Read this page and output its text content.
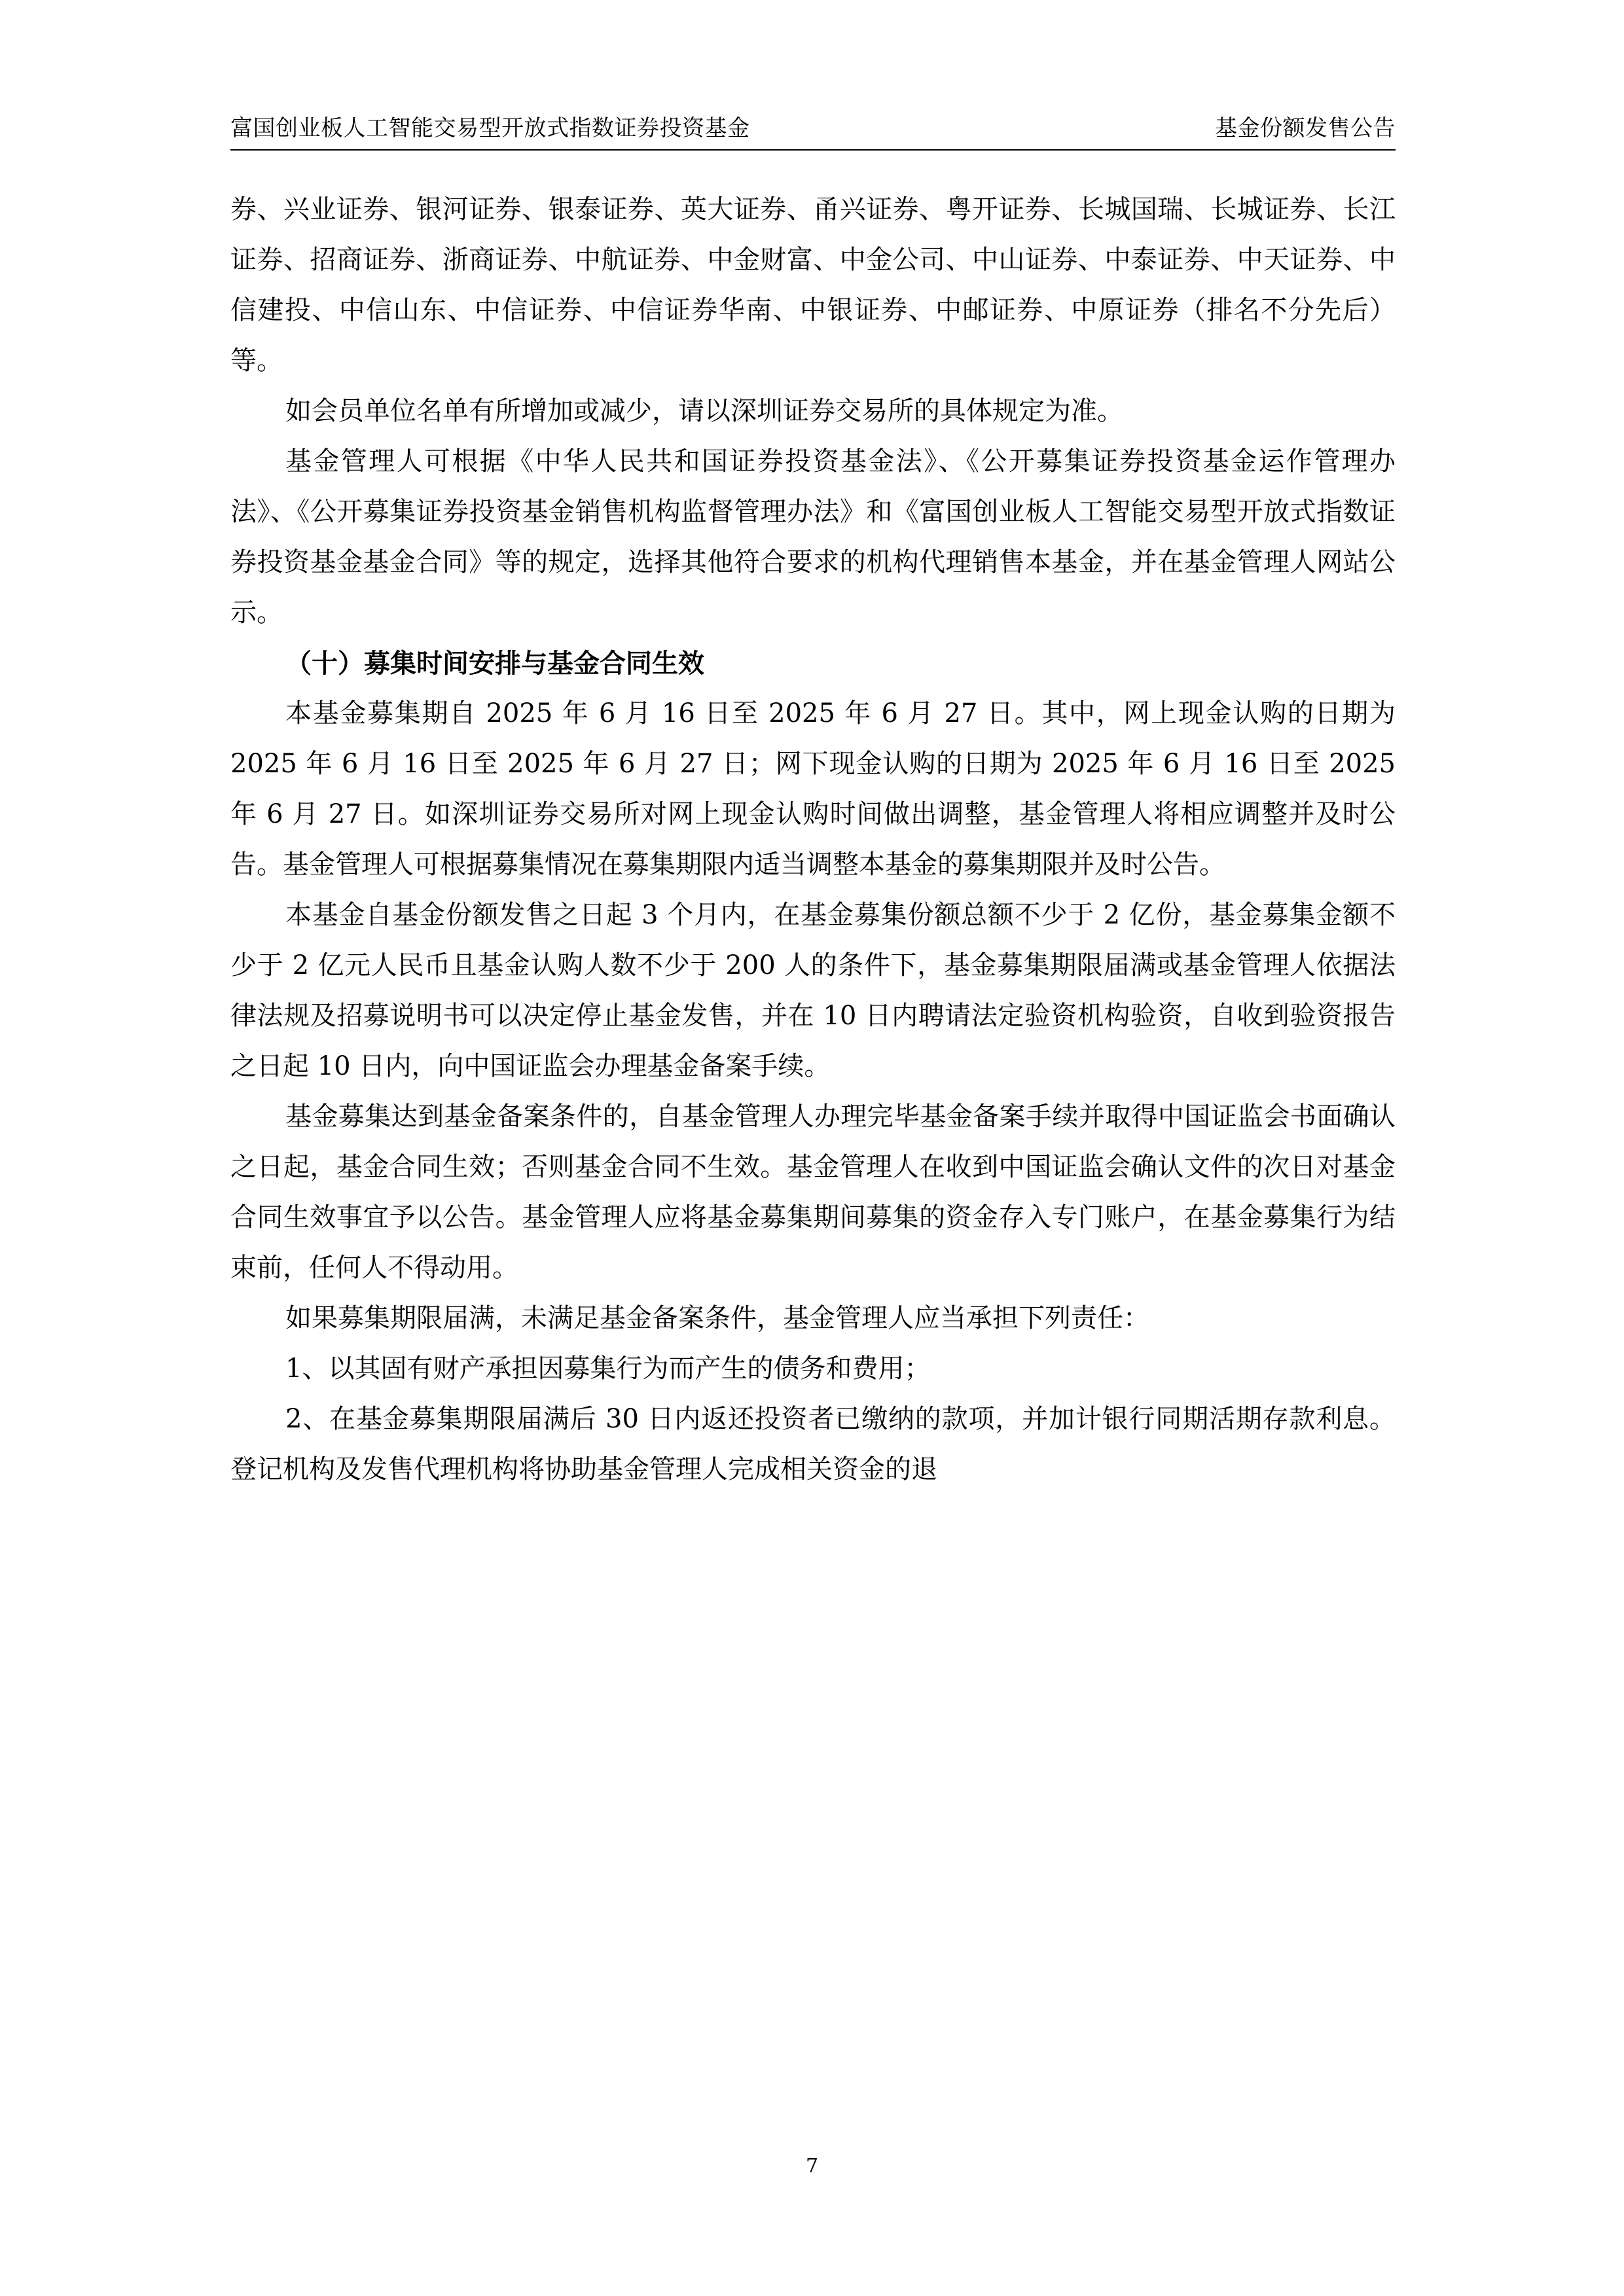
富国创业板人工智能交易型开放式指数证券投资基金	基金份额发售公告

券、兴业证券、银河证券、银泰证券、英大证券、甬兴证券、粤开证券、长城国瑞、长城证券、长江证券、招商证券、浙商证券、中航证券、中金财富、中金公司、中山证券、中泰证券、中天证券、中信建投、中信山东、中信证券、中信证券华南、中银证券、中邮证券、中原证券（排名不分先后）等。

如会员单位名单有所增加或减少，请以深圳证券交易所的具体规定为准。

基金管理人可根据《中华人民共和国证券投资基金法》、《公开募集证券投资基金运作管理办法》、《公开募集证券投资基金销售机构监督管理办法》和《富国创业板人工智能交易型开放式指数证券投资基金基金合同》等的规定，选择其他符合要求的机构代理销售本基金，并在基金管理人网站公示。

（十）募集时间安排与基金合同生效

本基金募集期自 2025 年 6 月 16 日至 2025 年 6 月 27 日。其中，网上现金认购的日期为 2025 年 6 月 16 日至 2025 年 6 月 27 日；网下现金认购的日期为 2025 年 6 月 16 日至 2025 年 6 月 27 日。如深圳证券交易所对网上现金认购时间做出调整，基金管理人将相应调整并及时公告。基金管理人可根据募集情况在募集期限内适当调整本基金的募集期限并及时公告。

本基金自基金份额发售之日起 3 个月内，在基金募集份额总额不少于 2 亿份，基金募集金额不少于 2 亿元人民币且基金认购人数不少于 200 人的条件下，基金募集期限届满或基金管理人依据法律法规及招募说明书可以决定停止基金发售，并在 10 日内聘请法定验资机构验资，自收到验资报告之日起 10 日内，向中国证监会办理基金备案手续。

基金募集达到基金备案条件的，自基金管理人办理完毕基金备案手续并取得中国证监会书面确认之日起，基金合同生效；否则基金合同不生效。基金管理人在收到中国证监会确认文件的次日对基金合同生效事宜予以公告。基金管理人应将基金募集期间募集的资金存入专门账户，在基金募集行为结束前，任何人不得动用。

如果募集期限届满，未满足基金备案条件，基金管理人应当承担下列责任：

1、以其固有财产承担因募集行为而产生的债务和费用；

2、在基金募集期限届满后 30 日内返还投资者已缴纳的款项，并加计银行同期活期存款利息。登记机构及发售代理机构将协助基金管理人完成相关资金的退

7
